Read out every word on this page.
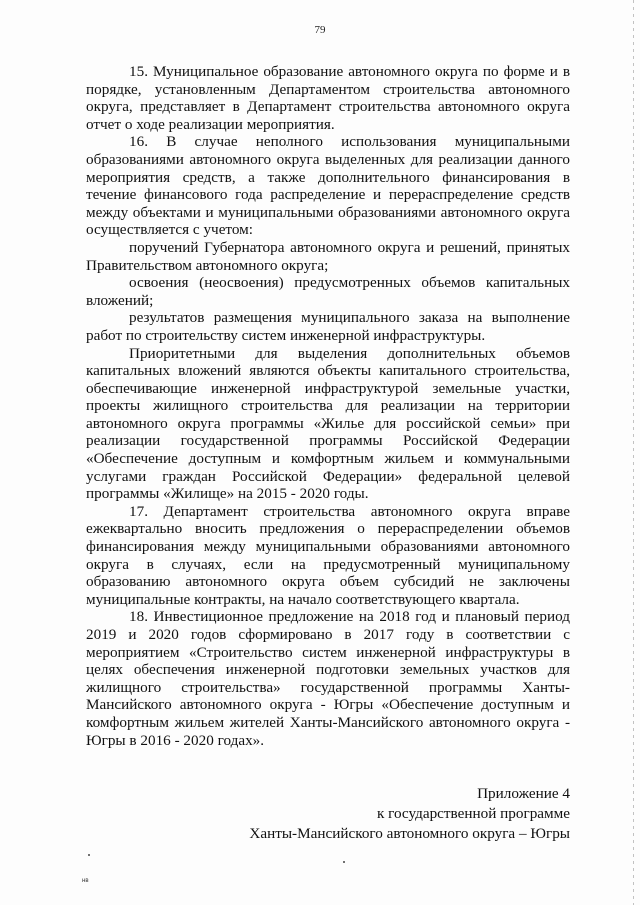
79

15. Муниципальное образование автономного округа по форме и в порядке, установленным Департаментом строительства автономного округа, представляет в Департамент строительства автономного округа отчет о ходе реализации мероприятия.

16. В случае неполного использования муниципальными образованиями автономного округа выделенных для реализации данного мероприятия средств, а также дополнительного финансирования в течение финансового года распределение и перераспределение средств между объектами и муниципальными образованиями автономного округа осуществляется с учетом:

поручений Губернатора автономного округа и решений, принятых Правительством автономного округа;

освоения (неосвоения) предусмотренных объемов капитальных вложений;

результатов размещения муниципального заказа на выполнение работ по строительству систем инженерной инфраструктуры.

Приоритетными для выделения дополнительных объемов капитальных вложений являются объекты капитального строительства, обеспечивающие инженерной инфраструктурой земельные участки, проекты жилищного строительства для реализации на территории автономного округа программы «Жилье для российской семьи» при реализации государственной программы Российской Федерации «Обеспечение доступным и комфортным жильем и коммунальными услугами граждан Российской Федерации» федеральной целевой программы «Жилище» на 2015 - 2020 годы.

17. Департамент строительства автономного округа вправе ежеквартально вносить предложения о перераспределении объемов финансирования между муниципальными образованиями автономного округа в случаях, если на предусмотренный муниципальному образованию автономного округа объем субсидий не заключены муниципальные контракты, на начало соответствующего квартала.

18. Инвестиционное предложение на 2018 год и плановый период 2019 и 2020 годов сформировано в 2017 году в соответствии с мероприятием «Строительство систем инженерной инфраструктуры в целях обеспечения инженерной подготовки земельных участков для жилищного строительства» государственной программы Ханты-Мансийского автономного округа - Югры «Обеспечение доступным и комфортным жильем жителей Ханты-Мансийского автономного округа - Югры в 2016 - 2020 годах».

Приложение 4
к государственной программе
Ханты-Мансийского автономного округа – Югры
нв
